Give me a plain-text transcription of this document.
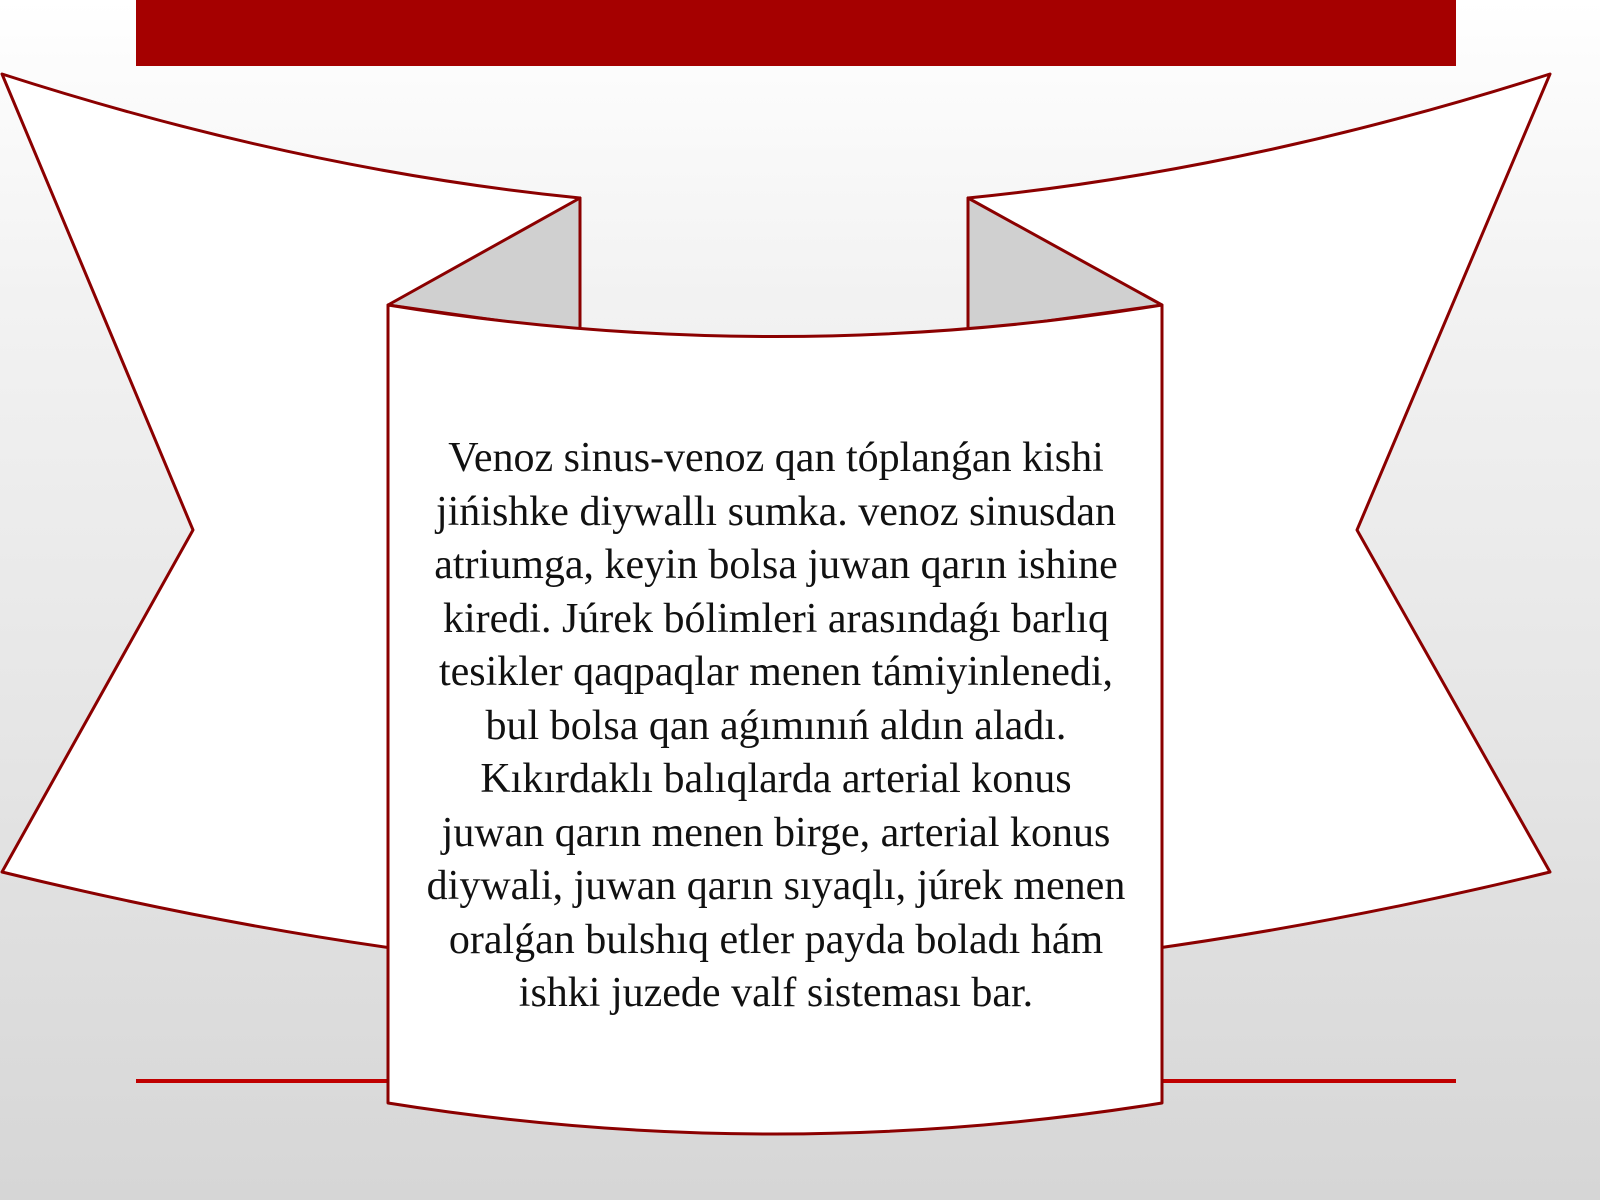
Venoz sinus-venoz qan tóplanǵan kishi
jińishke diywallı sumka. venoz sinusdan
atriumga, keyin bolsa juwan qarın ishine
kiredi. Júrek bólimleri arasındaǵı barlıq
tesikler qaqpaqlar menen támiyinlenedi,
bul bolsa qan aǵımınıń aldın aladı.
Kıkırdaklı balıqlarda arterial konus
juwan qarın menen birge, arterial konus
diywali, juwan qarın sıyaqlı, júrek menen
oralǵan bulshıq etler payda boladı hám
ishki juzede valf sisteması bar.
